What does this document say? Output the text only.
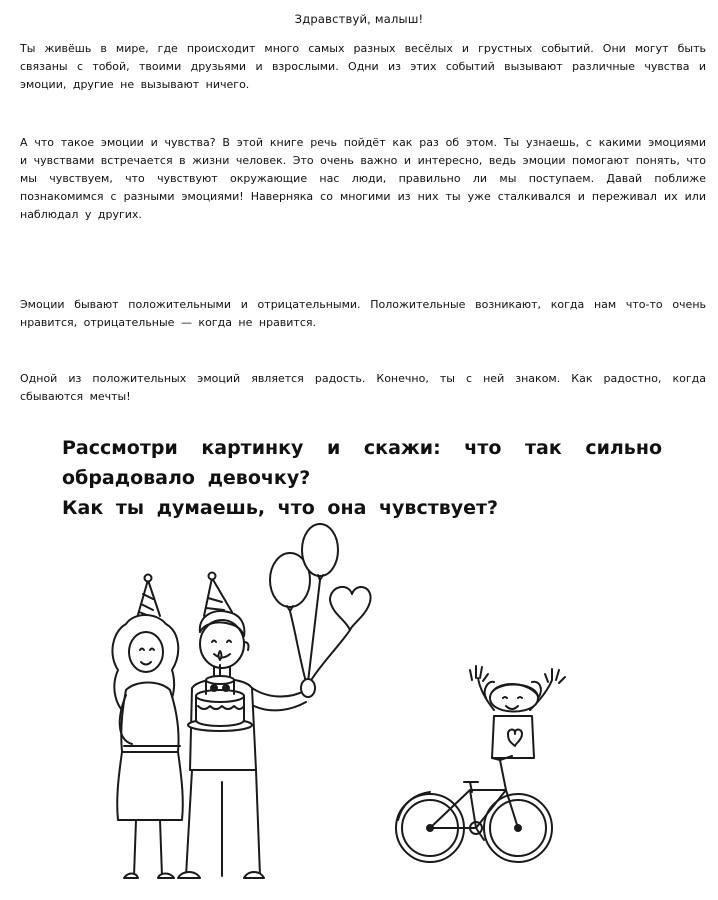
Здравствуй, малыш!

Ты живёшь в мире, где происходит много самых разных весёлых и грустных событий. Они могут быть связаны с тобой, твоими друзьями и взрослыми. Одни из этих событий вызывают различные чувства и эмоции, другие не вызывают ничего.

А что такое эмоции и чувства? В этой книге речь пойдёт как раз об этом. Ты узнаешь, с какими эмоциями и чувствами встречается в жизни человек. Это очень важно и интересно, ведь эмоции помогают понять, что мы чувствуем, что чувствуют окружающие нас люди, правильно ли мы поступаем. Давай поближе познакомимся с разными эмоциями! Наверняка со многими из них ты уже сталкивался и переживал их или наблюдал у других.

Эмоции бывают положительными и отрицательными. Положительные возникают, когда нам что-то очень нравится, отрицательные — когда не нравится.

Одной из положительных эмоций является радость. Конечно, ты с ней знаком. Как радостно, когда сбываются мечты!

Рассмотри картинку и скажи: что так сильно обрадовало девочку?

Как ты думаешь, что она чувствует?
